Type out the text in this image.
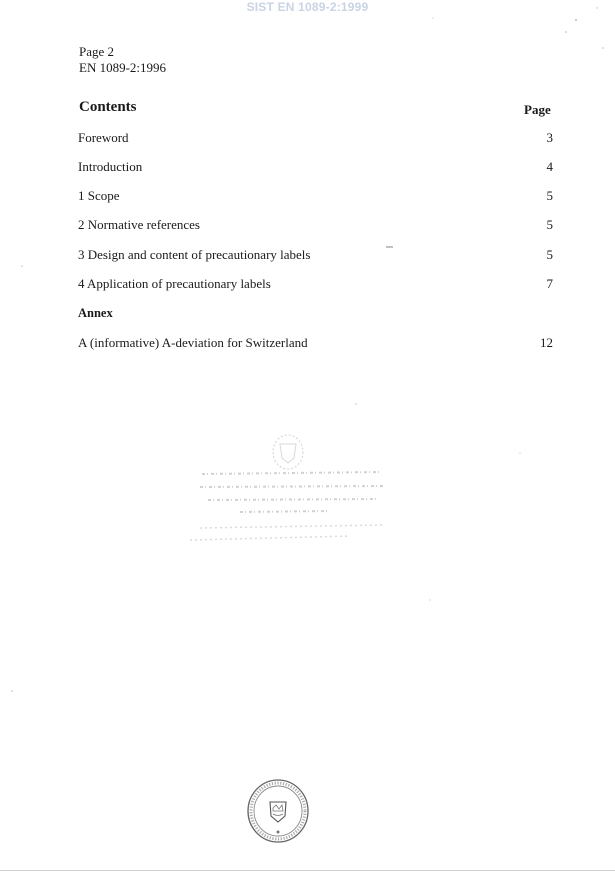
SIST EN 1089-2:1999
Page 2
EN 1089-2:1996
Contents	Page
Foreword	3
Introduction	4
1 Scope	5
2 Normative references	5
3 Design and content of precautionary labels	5
4 Application of precautionary labels	7
Annex
A (informative) A-deviation for Switzerland	12
